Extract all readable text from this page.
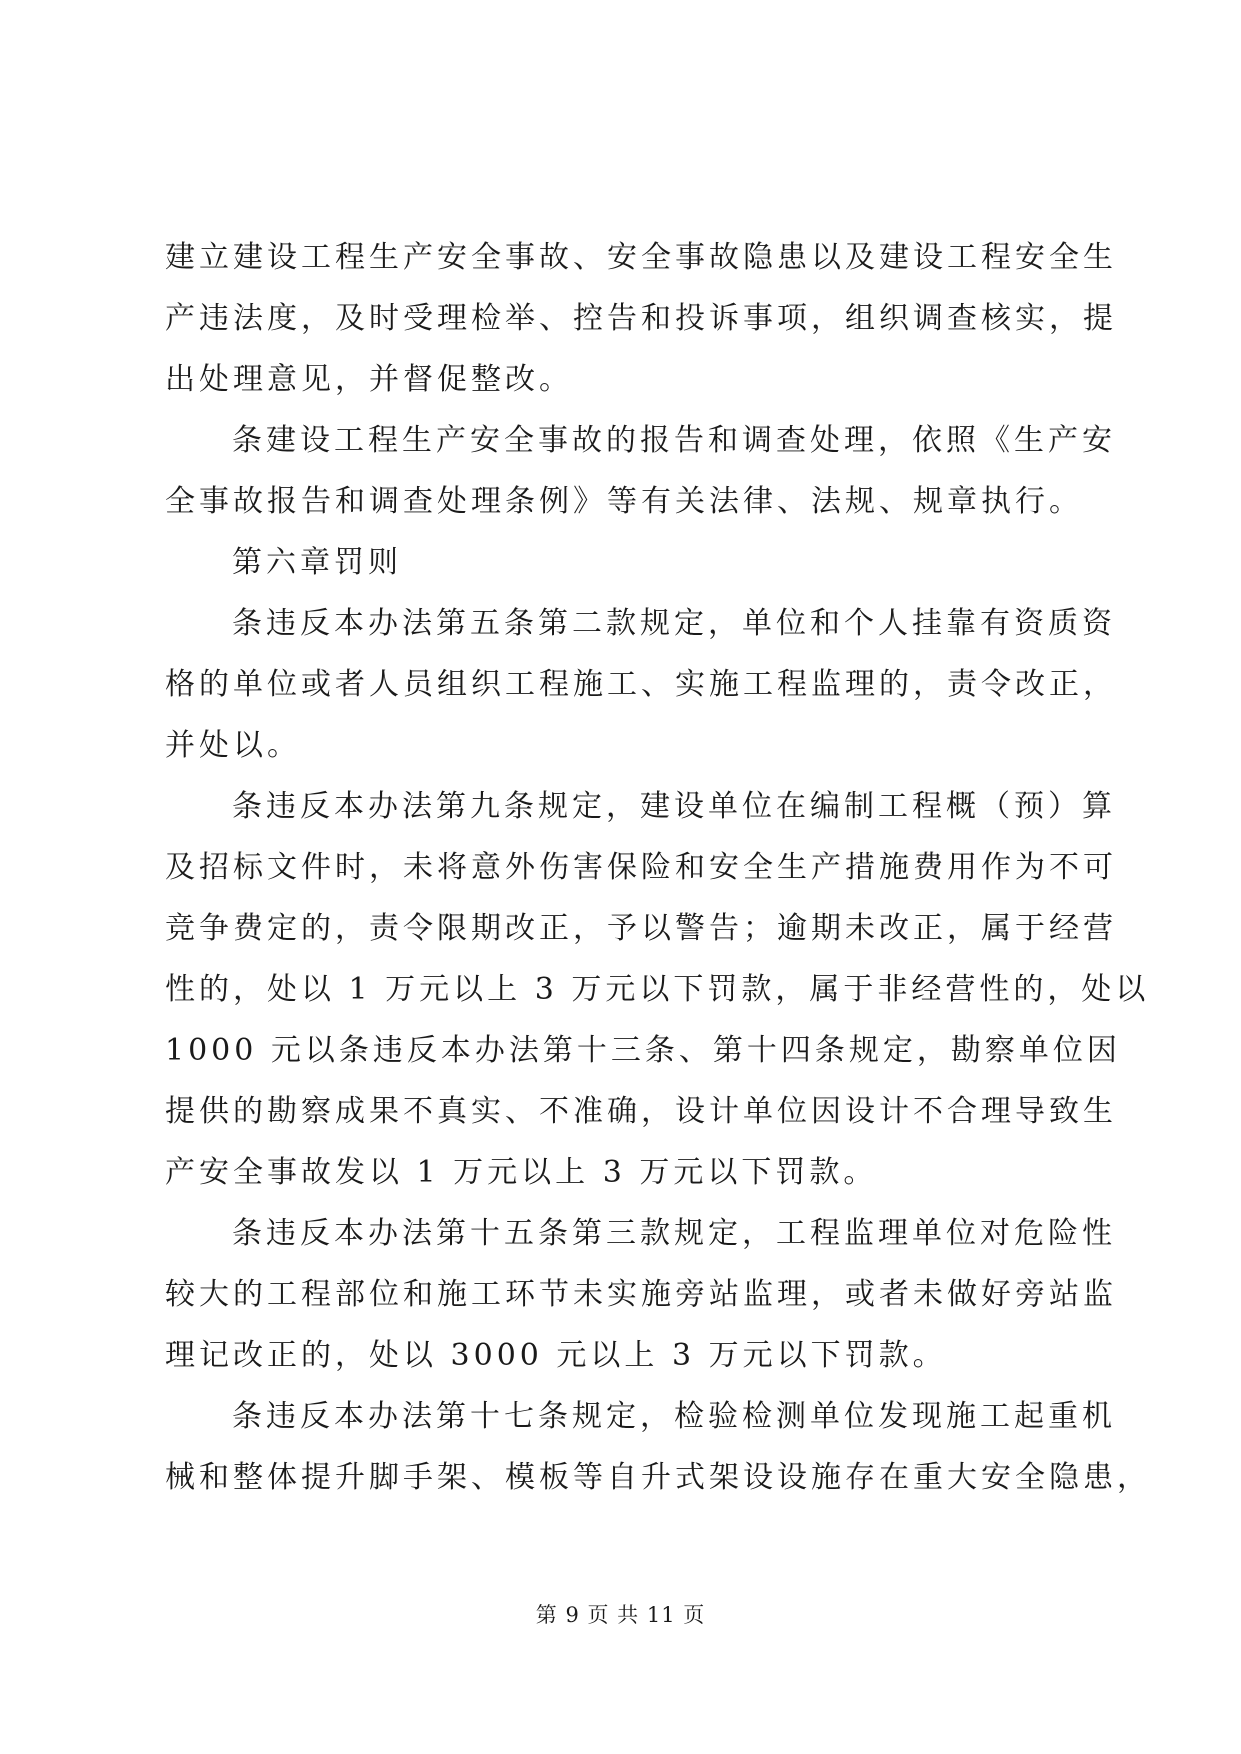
建立建设工程生产安全事故、安全事故隐患以及建设工程安全生
产违法度，及时受理检举、控告和投诉事项，组织调查核实，提
出处理意见，并督促整改。
条建设工程生产安全事故的报告和调查处理，依照《生产安
全事故报告和调查处理条例》等有关法律、法规、规章执行。
第六章罚则
条违反本办法第五条第二款规定，单位和个人挂靠有资质资
格的单位或者人员组织工程施工、实施工程监理的，责令改正，
并处以。
条违反本办法第九条规定，建设单位在编制工程概（预）算
及招标文件时，未将意外伤害保险和安全生产措施费用作为不可
竞争费定的，责令限期改正，予以警告；逾期未改正，属于经营
性的，处以 1 万元以上 3 万元以下罚款，属于非经营性的，处以
1000 元以条违反本办法第十三条、第十四条规定，勘察单位因
提供的勘察成果不真实、不准确，设计单位因设计不合理导致生
产安全事故发以 1 万元以上 3 万元以下罚款。
条违反本办法第十五条第三款规定，工程监理单位对危险性
较大的工程部位和施工环节未实施旁站监理，或者未做好旁站监
理记改正的，处以 3000 元以上 3 万元以下罚款。
条违反本办法第十七条规定，检验检测单位发现施工起重机
械和整体提升脚手架、模板等自升式架设设施存在重大安全隐患，
第 9 页 共 11 页
